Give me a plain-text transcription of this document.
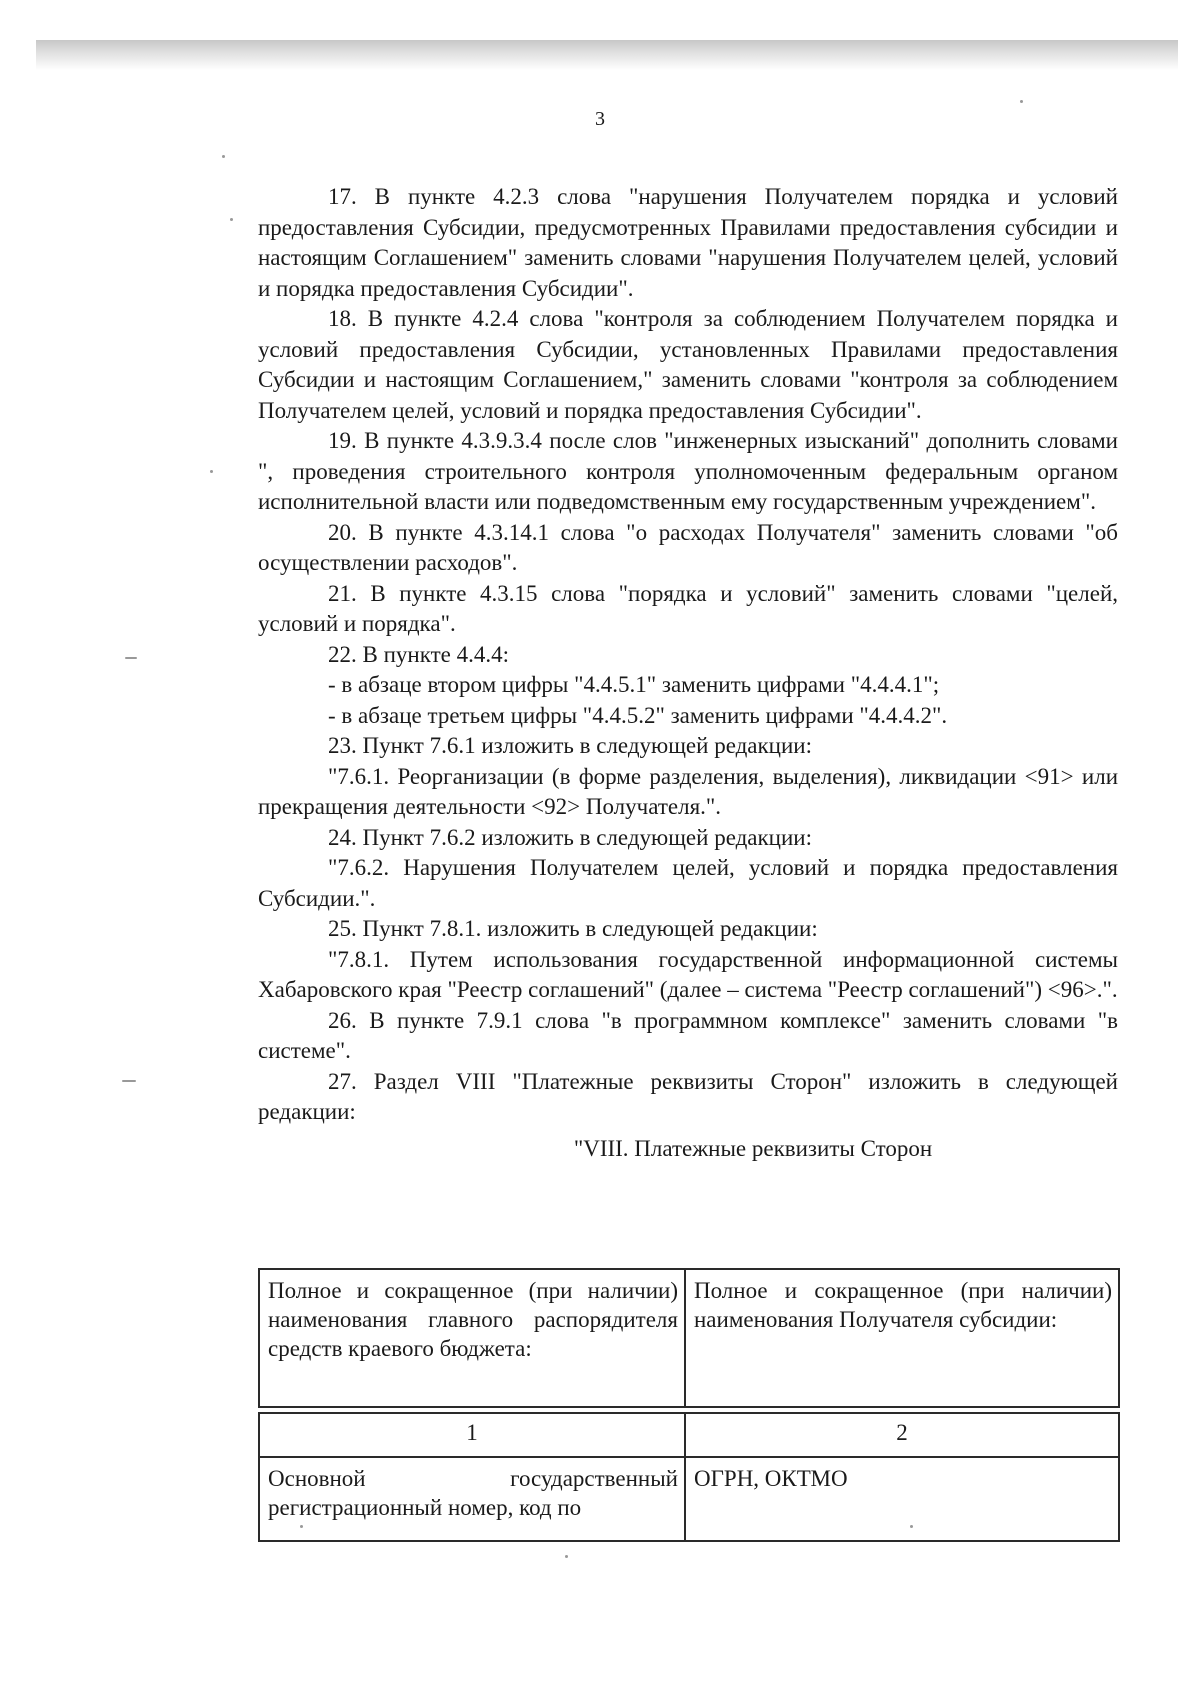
3

17. В пункте 4.2.3 слова "нарушения Получателем порядка и условий предоставления Субсидии, предусмотренных Правилами предоставления субсидии и настоящим Соглашением" заменить словами "нарушения Получателем целей, условий и порядка предоставления Субсидии".

18. В пункте 4.2.4 слова "контроля за соблюдением Получателем порядка и условий предоставления Субсидии, установленных Правилами предоставления Субсидии и настоящим Соглашением," заменить словами "контроля за соблюдением Получателем целей, условий и порядка предоставления Субсидии".

19. В пункте 4.3.9.3.4 после слов "инженерных изысканий" дополнить словами ", проведения строительного контроля уполномоченным федеральным органом исполнительной власти или подведомственным ему государственным учреждением".

20. В пункте 4.3.14.1 слова "о расходах Получателя" заменить словами "об осуществлении расходов".

21. В пункте 4.3.15 слова "порядка и условий" заменить словами "целей, условий и порядка".

22. В пункте 4.4.4:

- в абзаце втором цифры "4.4.5.1" заменить цифрами "4.4.4.1";

- в абзаце третьем цифры "4.4.5.2" заменить цифрами "4.4.4.2".

23. Пункт 7.6.1 изложить в следующей редакции:

"7.6.1. Реорганизации (в форме разделения, выделения), ликвидации <91> или прекращения деятельности <92> Получателя.".

24. Пункт 7.6.2 изложить в следующей редакции:

"7.6.2. Нарушения Получателем целей, условий и порядка предоставления Субсидии.".

25. Пункт 7.8.1. изложить в следующей редакции:

"7.8.1. Путем использования государственной информационной системы Хабаровского края "Реестр соглашений" (далее – система "Реестр соглашений") <96>.".

26. В пункте 7.9.1 слова "в программном комплексе" заменить словами "в системе".

27. Раздел VIII "Платежные реквизиты Сторон" изложить в следующей редакции:

"VIII. Платежные реквизиты Сторон

Полное и сокращенное (при наличии) наименования главного распорядителя средств краевого бюджета:	Полное и сокращенное (при наличии) наименования Получателя субсидии:

1	2
Основной государственный регистрационный номер, код по	ОГРН, ОКТМО
